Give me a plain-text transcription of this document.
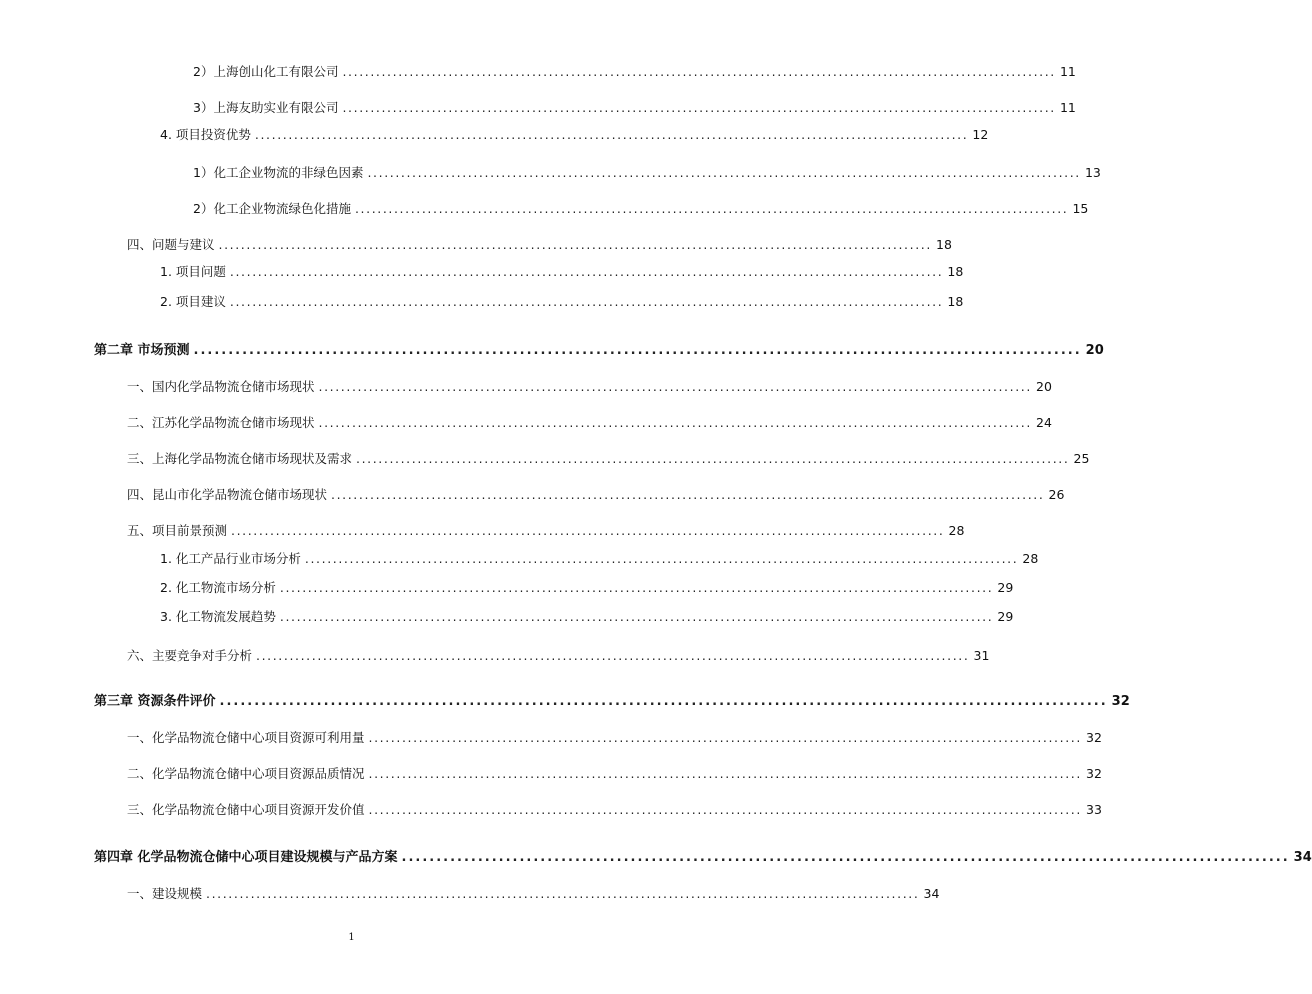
2）上海创山化工有限公司 ................................................................................................................................ 11
3）上海友助实业有限公司 ................................................................................................................................ 11
4. 项目投资优势 ................................................................................................................................ 12
1）化工企业物流的非绿色因素 ................................................................................................................................ 13
2）化工企业物流绿色化措施 ................................................................................................................................ 15
四、问题与建议 ................................................................................................................................ 18
1. 项目问题 ................................................................................................................................ 18
2. 项目建议 ................................................................................................................................ 18
第二章 市场预测 ................................................................................................................................ 20
一、国内化学品物流仓储市场现状 ................................................................................................................................ 20
二、江苏化学品物流仓储市场现状 ................................................................................................................................ 24
三、上海化学品物流仓储市场现状及需求 ................................................................................................................................ 25
四、昆山市化学品物流仓储市场现状 ................................................................................................................................ 26
五、项目前景预测 ................................................................................................................................ 28
1. 化工产品行业市场分析 ................................................................................................................................ 28
2. 化工物流市场分析 ................................................................................................................................ 29
3. 化工物流发展趋势 ................................................................................................................................ 29
六、主要竞争对手分析 ................................................................................................................................ 31
第三章 资源条件评价 ................................................................................................................................ 32
一、化学品物流仓储中心项目资源可利用量 ................................................................................................................................ 32
二、化学品物流仓储中心项目资源品质情况 ................................................................................................................................ 32
三、化学品物流仓储中心项目资源开发价值 ................................................................................................................................ 33
第四章 化学品物流仓储中心项目建设规模与产品方案 ................................................................................................................................ 34
一、建设规模 ................................................................................................................................ 34
1
